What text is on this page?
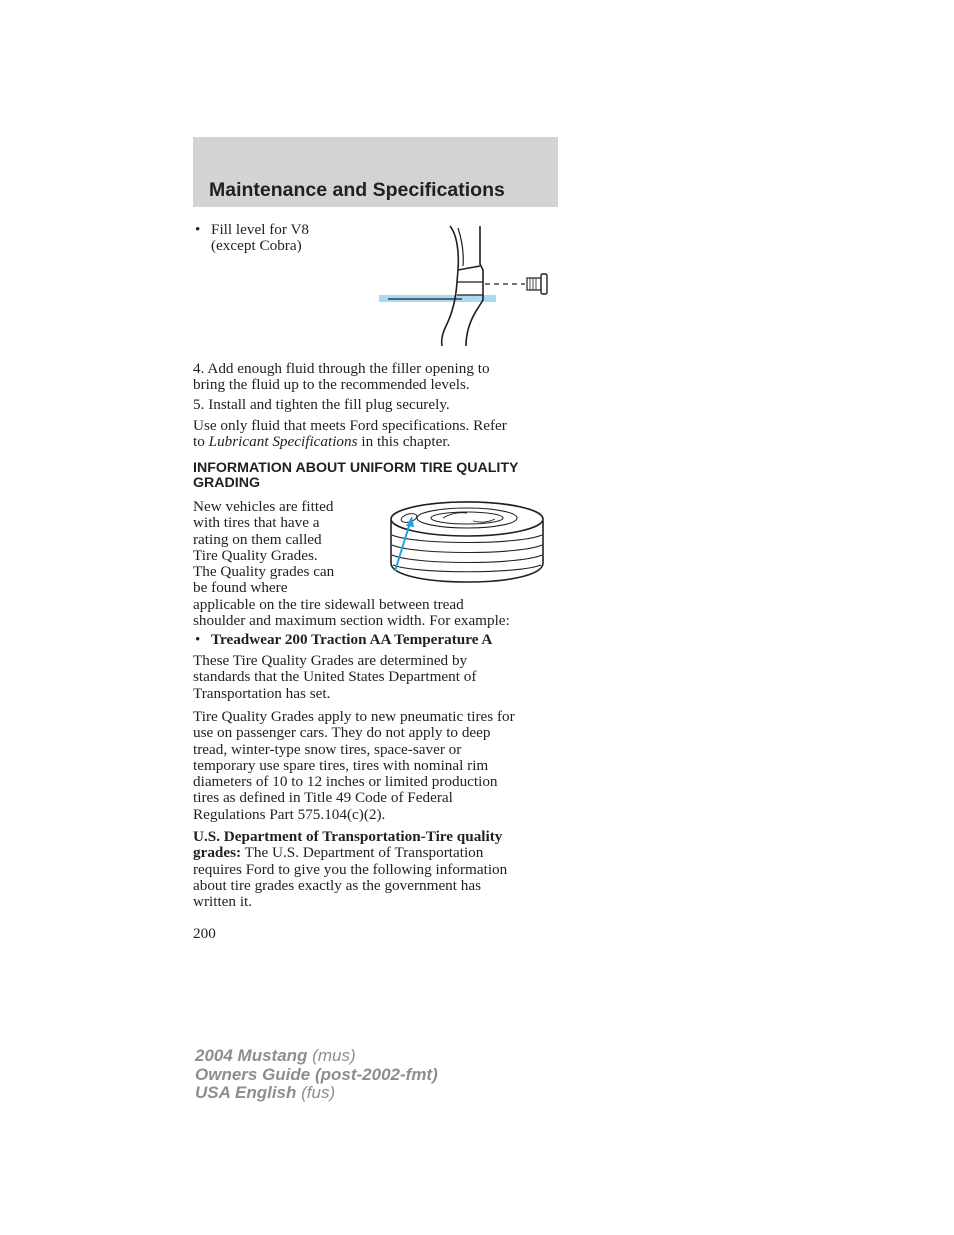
Maintenance and Specifications
• Fill level for V8
(except Cobra)
4. Add enough fluid through the filler opening to
bring the fluid up to the recommended levels.
5. Install and tighten the fill plug securely.
Use only fluid that meets Ford specifications. Refer
to Lubricant Specifications in this chapter.
INFORMATION ABOUT UNIFORM TIRE QUALITY
GRADING
New vehicles are fitted
with tires that have a
rating on them called
Tire Quality Grades.
The Quality grades can
be found where
applicable on the tire sidewall between tread
shoulder and maximum section width. For example:
• Treadwear 200 Traction AA Temperature A
These Tire Quality Grades are determined by
standards that the United States Department of
Transportation has set.
Tire Quality Grades apply to new pneumatic tires for
use on passenger cars. They do not apply to deep
tread, winter-type snow tires, space-saver or
temporary use spare tires, tires with nominal rim
diameters of 10 to 12 inches or limited production
tires as defined in Title 49 Code of Federal
Regulations Part 575.104(c)(2).
U.S. Department of Transportation-Tire quality
grades: The U.S. Department of Transportation
requires Ford to give you the following information
about tire grades exactly as the government has
written it.
200
2004 Mustang (mus)
Owners Guide (post-2002-fmt)
USA English (fus)
